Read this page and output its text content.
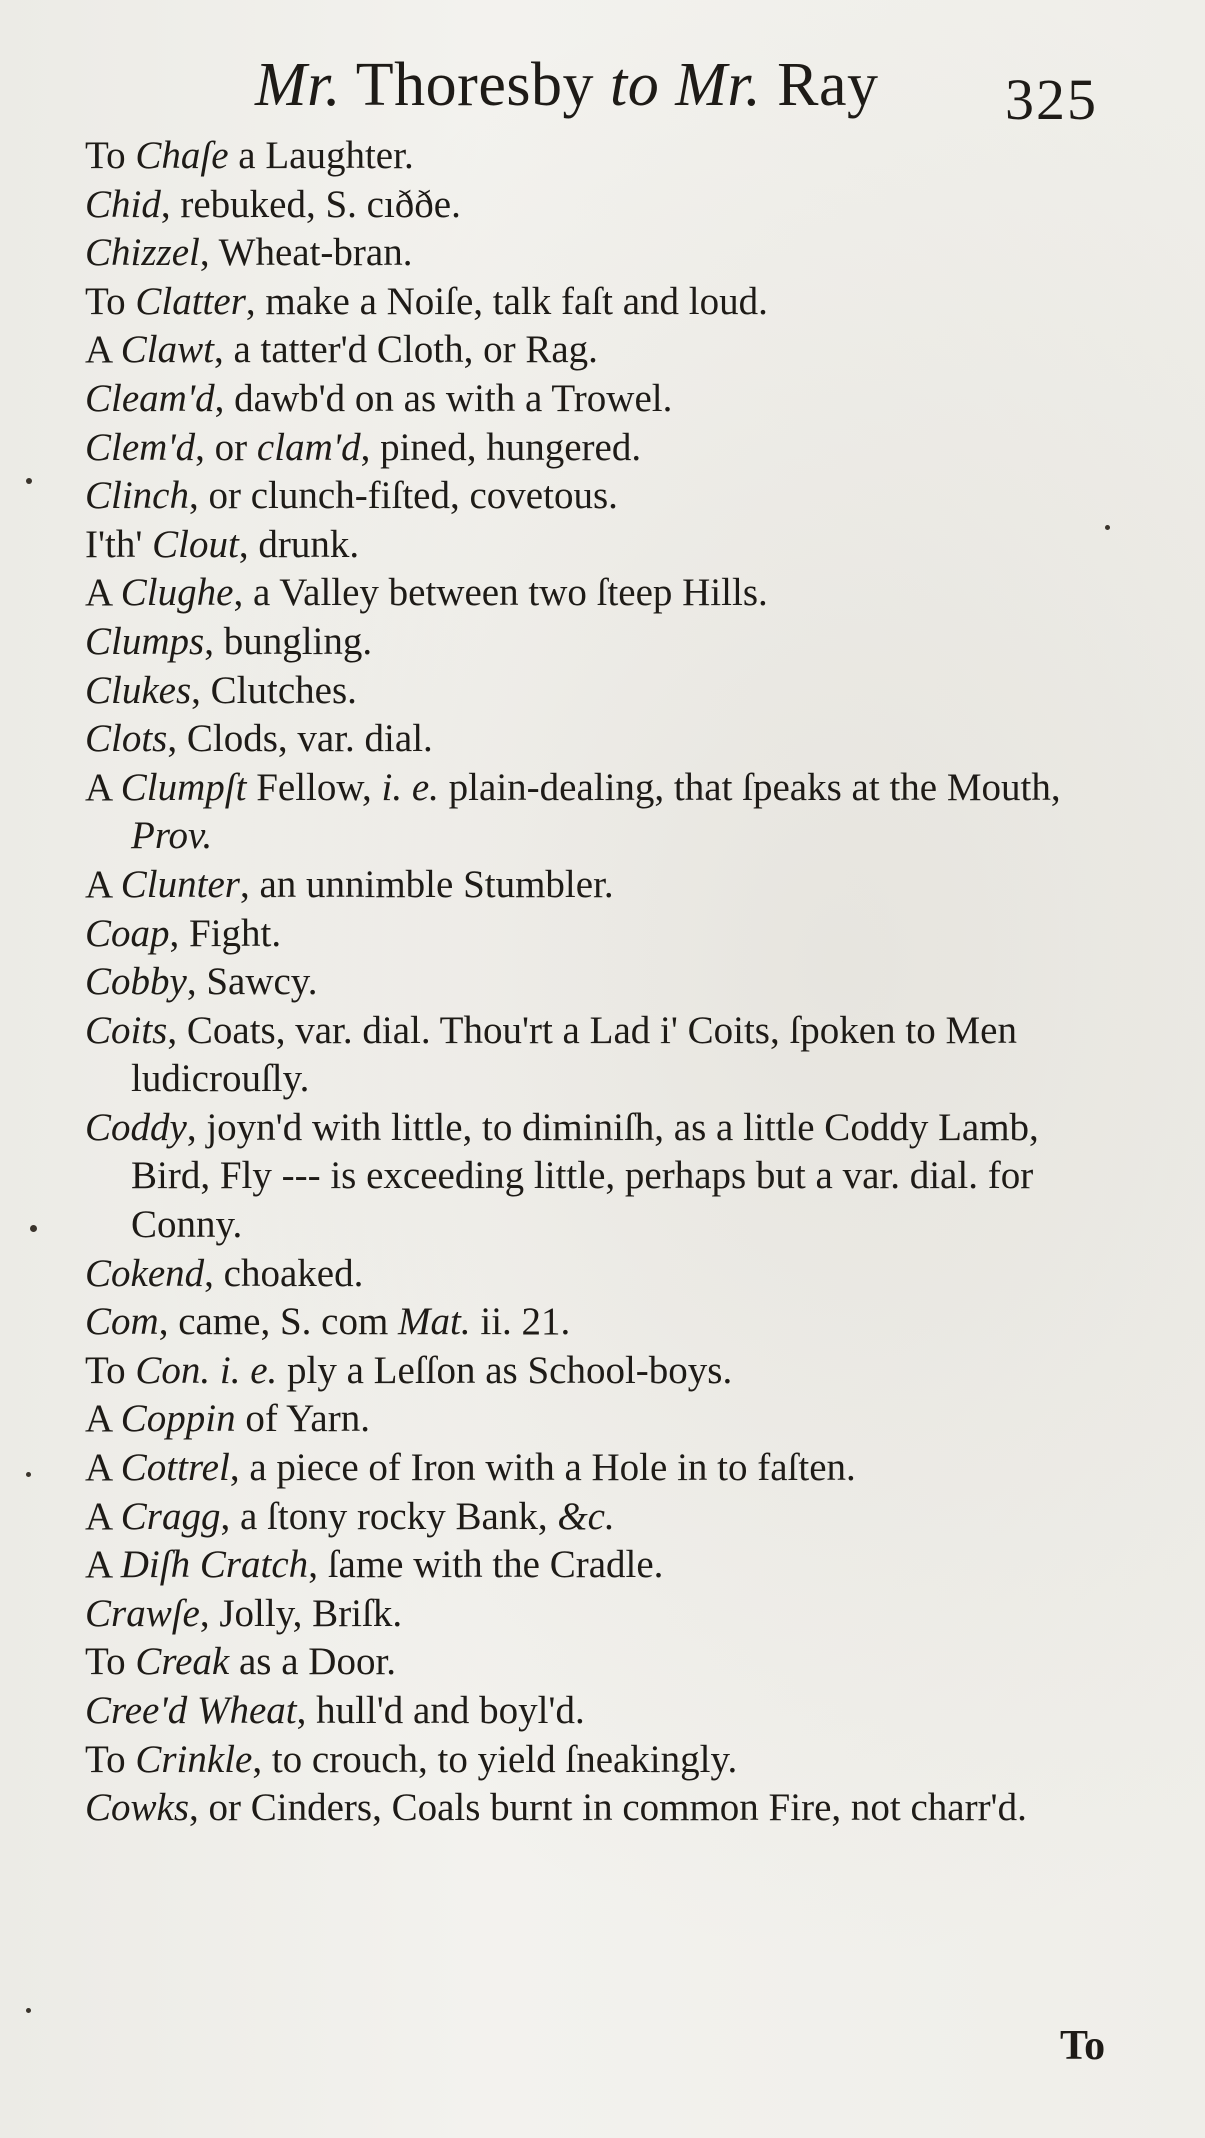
Mr. Thoresby to Mr. Ray 325
To Chaſe a Laughter.
Chid, rebuked, S. cıððe.
Chizzel, Wheat-bran.
To Clatter, make a Noiſe, talk faſt and loud.
A Clawt, a tatter'd Cloth, or Rag.
Cleam'd, dawb'd on as with a Trowel.
Clem'd, or clam'd, pined, hungered.
Clinch, or clunch-fiſted, covetous.
I'th' Clout, drunk.
A Clughe, a Valley between two ſteep Hills.
Clumps, bungling.
Clukes, Clutches.
Clots, Clods, var. dial.
A Clumpſt Fellow, i. e. plain-dealing, that ſpeaks at the Mouth, Prov.
A Clunter, an unnimble Stumbler.
Coap, Fight.
Cobby, Sawcy.
Coits, Coats, var. dial. Thou'rt a Lad i' Coits, ſpoken to Men ludicrouſly.
Coddy, joyn'd with little, to diminiſh, as a little Coddy Lamb, Bird, Fly --- is exceeding little, perhaps but a var. dial. for Conny.
Cokend, choaked.
Com, came, S. com Mat. ii. 21.
To Con. i. e. ply a Leſſon as School-boys.
A Coppin of Yarn.
A Cottrel, a piece of Iron with a Hole in to faſten.
A Cragg, a ſtony rocky Bank, &c.
A Diſh Cratch, ſame with the Cradle.
Crawſe, Jolly, Briſk.
To Creak as a Door.
Cree'd Wheat, hull'd and boyl'd.
To Crinkle, to crouch, to yield ſneakingly.
Cowks, or Cinders, Coals burnt in common Fire, not charr'd.
To
